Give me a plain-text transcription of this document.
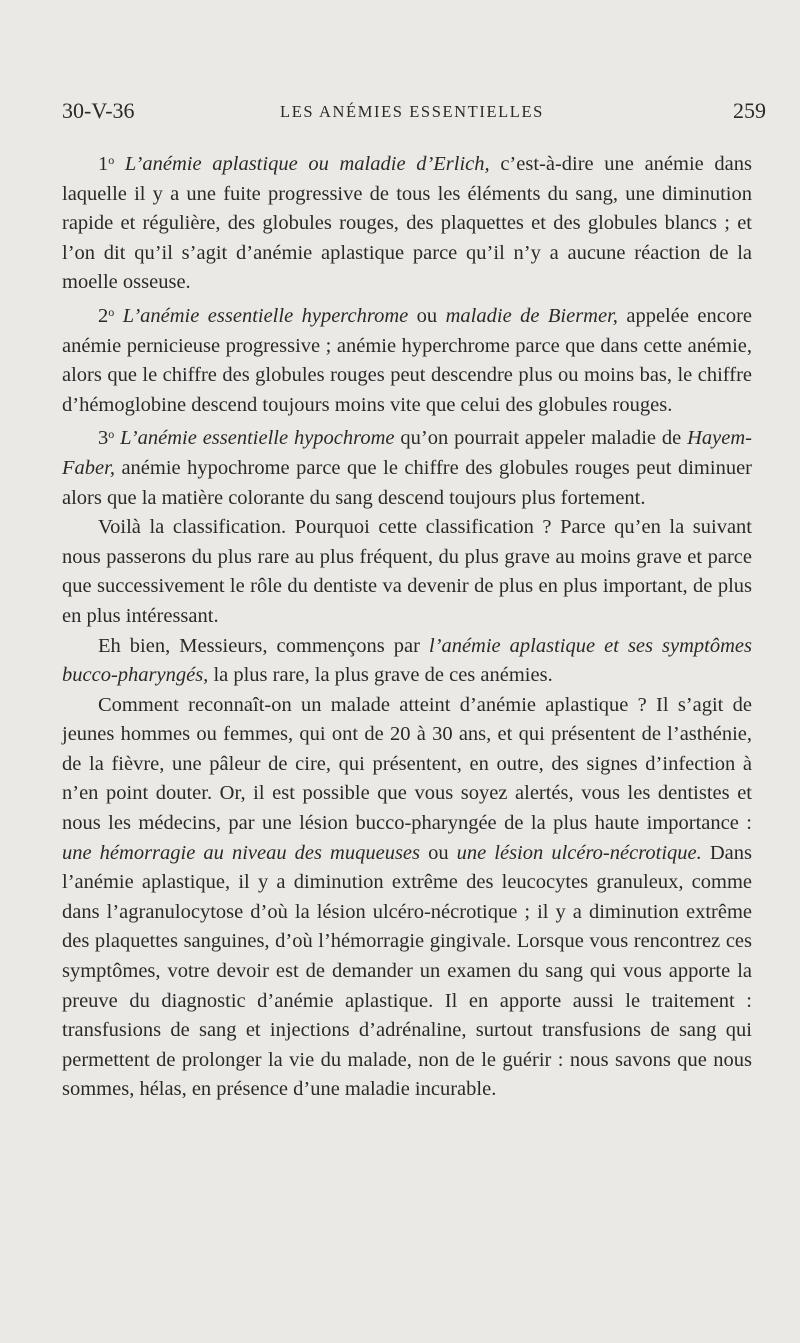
30-V-36	LES ANÉMIES ESSENTIELLES	259

1$^o$ L’anémie aplastique ou maladie d’Erlich, c’est-à-dire une anémie dans laquelle il y a une fuite progressive de tous les éléments du sang, une diminution rapide et régulière, des globules rouges, des plaquettes et des globules blancs ; et l’on dit qu’il s’agit d’anémie aplastique parce qu’il n’y a aucune réaction de la moelle osseuse.

2$^o$ L’anémie essentielle hyperchrome ou maladie de Biermer, appelée encore anémie pernicieuse progressive ; anémie hyperchrome parce que dans cette anémie, alors que le chiffre des globules rouges peut descendre plus ou moins bas, le chiffre d’hémoglobine descend toujours moins vite que celui des globules rouges.

3$^o$ L’anémie essentielle hypochrome qu’on pourrait appeler maladie de Hayem-Faber, anémie hypochrome parce que le chiffre des globules rouges peut diminuer alors que la matière colorante du sang descend toujours plus fortement.

Voilà la classification. Pourquoi cette classification ? Parce qu’en la suivant nous passerons du plus rare au plus fréquent, du plus grave au moins grave et parce que successivement le rôle du dentiste va devenir de plus en plus important, de plus en plus intéressant.

Eh bien, Messieurs, commençons par l’anémie aplastique et ses symptômes bucco-pharyngés, la plus rare, la plus grave de ces anémies.

Comment reconnaît-on un malade atteint d’anémie aplastique ? Il s’agit de jeunes hommes ou femmes, qui ont de 20 à 30 ans, et qui présentent de l’asthénie, de la fièvre, une pâleur de cire, qui présentent, en outre, des signes d’infection à n’en point douter. Or, il est possible que vous soyez alertés, vous les dentistes et nous les médecins, par une lésion bucco-pharyngée de la plus haute importance : une hémorragie au niveau des muqueuses ou une lésion ulcéro-nécrotique. Dans l’anémie aplastique, il y a diminution extrême des leucocytes granuleux, comme dans l’agranulocytose d’où la lésion ulcéro-nécrotique ; il y a diminution extrême des plaquettes sanguines, d’où l’hémorragie gingivale. Lorsque vous rencontrez ces symptômes, votre devoir est de demander un examen du sang qui vous apporte la preuve du diagnostic d’anémie aplastique. Il en apporte aussi le traitement : transfusions de sang et injections d’adrénaline, surtout transfusions de sang qui permettent de prolonger la vie du malade, non de le guérir : nous savons que nous sommes, hélas, en présence d’une maladie incurable.
